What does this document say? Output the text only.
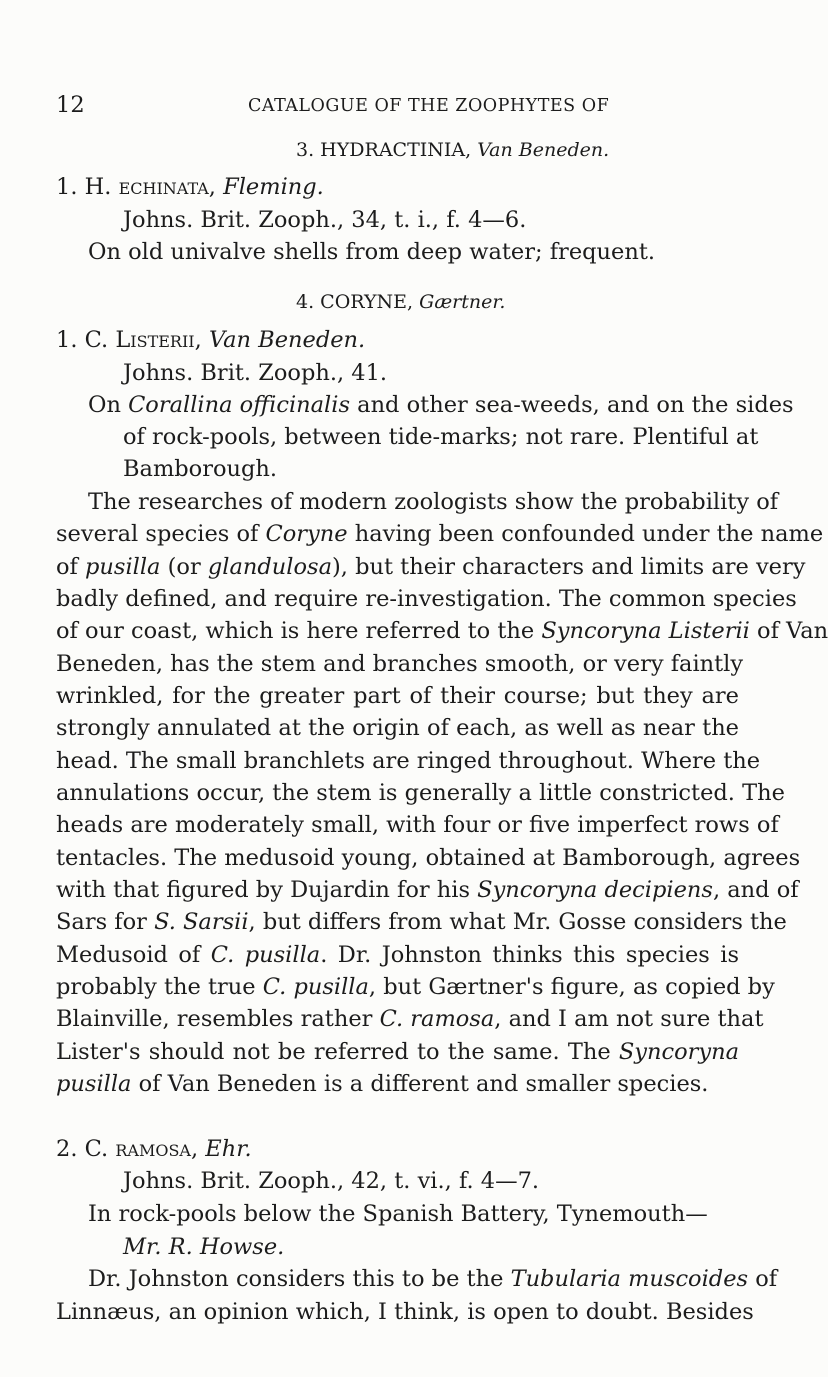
12	CATALOGUE OF THE ZOOPHYTES OF
3. HYDRACTINIA, Van Beneden.
1. H. echinata, Fleming.
Johns. Brit. Zooph., 34, t. i., f. 4—6.
On old univalve shells from deep water; frequent.
4. CORYNE, Gærtner.
1. C. Listerii, Van Beneden.
Johns. Brit. Zooph., 41.
On Corallina officinalis and other sea-weeds, and on the sides
of rock-pools, between tide-marks; not rare. Plentiful at
Bamborough.
The researches of modern zoologists show the probability of
several species of Coryne having been confounded under the name
of pusilla (or glandulosa), but their characters and limits are very
badly defined, and require re-investigation. The common species
of our coast, which is here referred to the Syncoryna Listerii of Van
Beneden, has the stem and branches smooth, or very faintly
wrinkled, for the greater part of their course; but they are
strongly annulated at the origin of each, as well as near the
head. The small branchlets are ringed throughout. Where the
annulations occur, the stem is generally a little constricted. The
heads are moderately small, with four or five imperfect rows of
tentacles. The medusoid young, obtained at Bamborough, agrees
with that figured by Dujardin for his Syncoryna decipiens, and of
Sars for S. Sarsii, but differs from what Mr. Gosse considers the
Medusoid of C. pusilla. Dr. Johnston thinks this species is
probably the true C. pusilla, but Gærtner's figure, as copied by
Blainville, resembles rather C. ramosa, and I am not sure that
Lister's should not be referred to the same. The Syncoryna
pusilla of Van Beneden is a different and smaller species.
2. C. ramosa, Ehr.
Johns. Brit. Zooph., 42, t. vi., f. 4—7.
In rock-pools below the Spanish Battery, Tynemouth—
Mr. R. Howse.
Dr. Johnston considers this to be the Tubularia muscoides of
Linnæus, an opinion which, I think, is open to doubt. Besides
